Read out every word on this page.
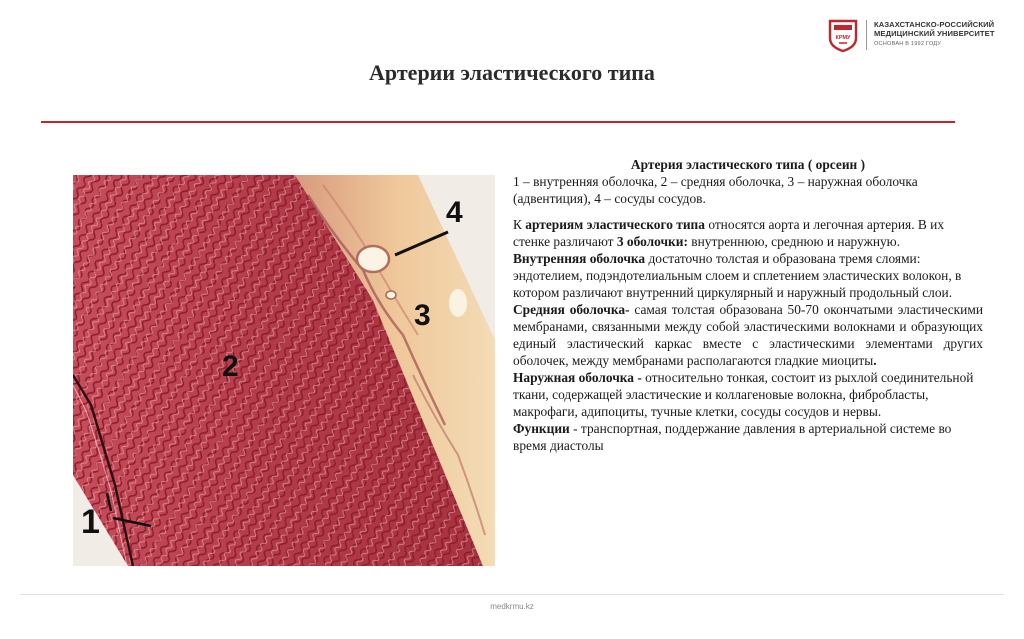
КРМУ
КАЗАХСТАНСКО-РОССИЙСКИЙ
МЕДИЦИНСКИЙ УНИВЕРСИТЕТ
ОСНОВАН В 1992 ГОДУ
Артерии эластического типа
4
3
2
1

Артерия эластического типа ( орсеин )

1 – внутренняя оболочка, 2 – средняя оболочка, 3 – наружная оболочка (адвентиция), 4 – сосуды сосудов.

К артериям эластического типа относятся аорта и легочная артерия. В их стенке различают 3 оболочки: внутреннюю, среднюю и наружную.

Внутренняя оболочка достаточно толстая и образована тремя слоями: эндотелием, подэндотелиальным слоем и сплетением эластических волокон, в котором различают внутренний циркулярный и наружный продольный слои.

Средняя оболочка- самая толстая образована 50-70 окончатыми эластическими мембранами, связанными между собой эластическими волокнами и образующих единый эластический каркас вместе с эластическими элементами других оболочек, между мембранами располагаются гладкие миоциты.

Наружная оболочка - относительно тонкая, состоит из рыхлой соединительной ткани, содержащей эластические и коллагеновые волокна, фибробласты, макрофаги, адипоциты, тучные клетки, сосуды сосудов и нервы.

Функции - транспортная, поддержание давления в артериальной системе во время диастолы

medkrmu.kz
